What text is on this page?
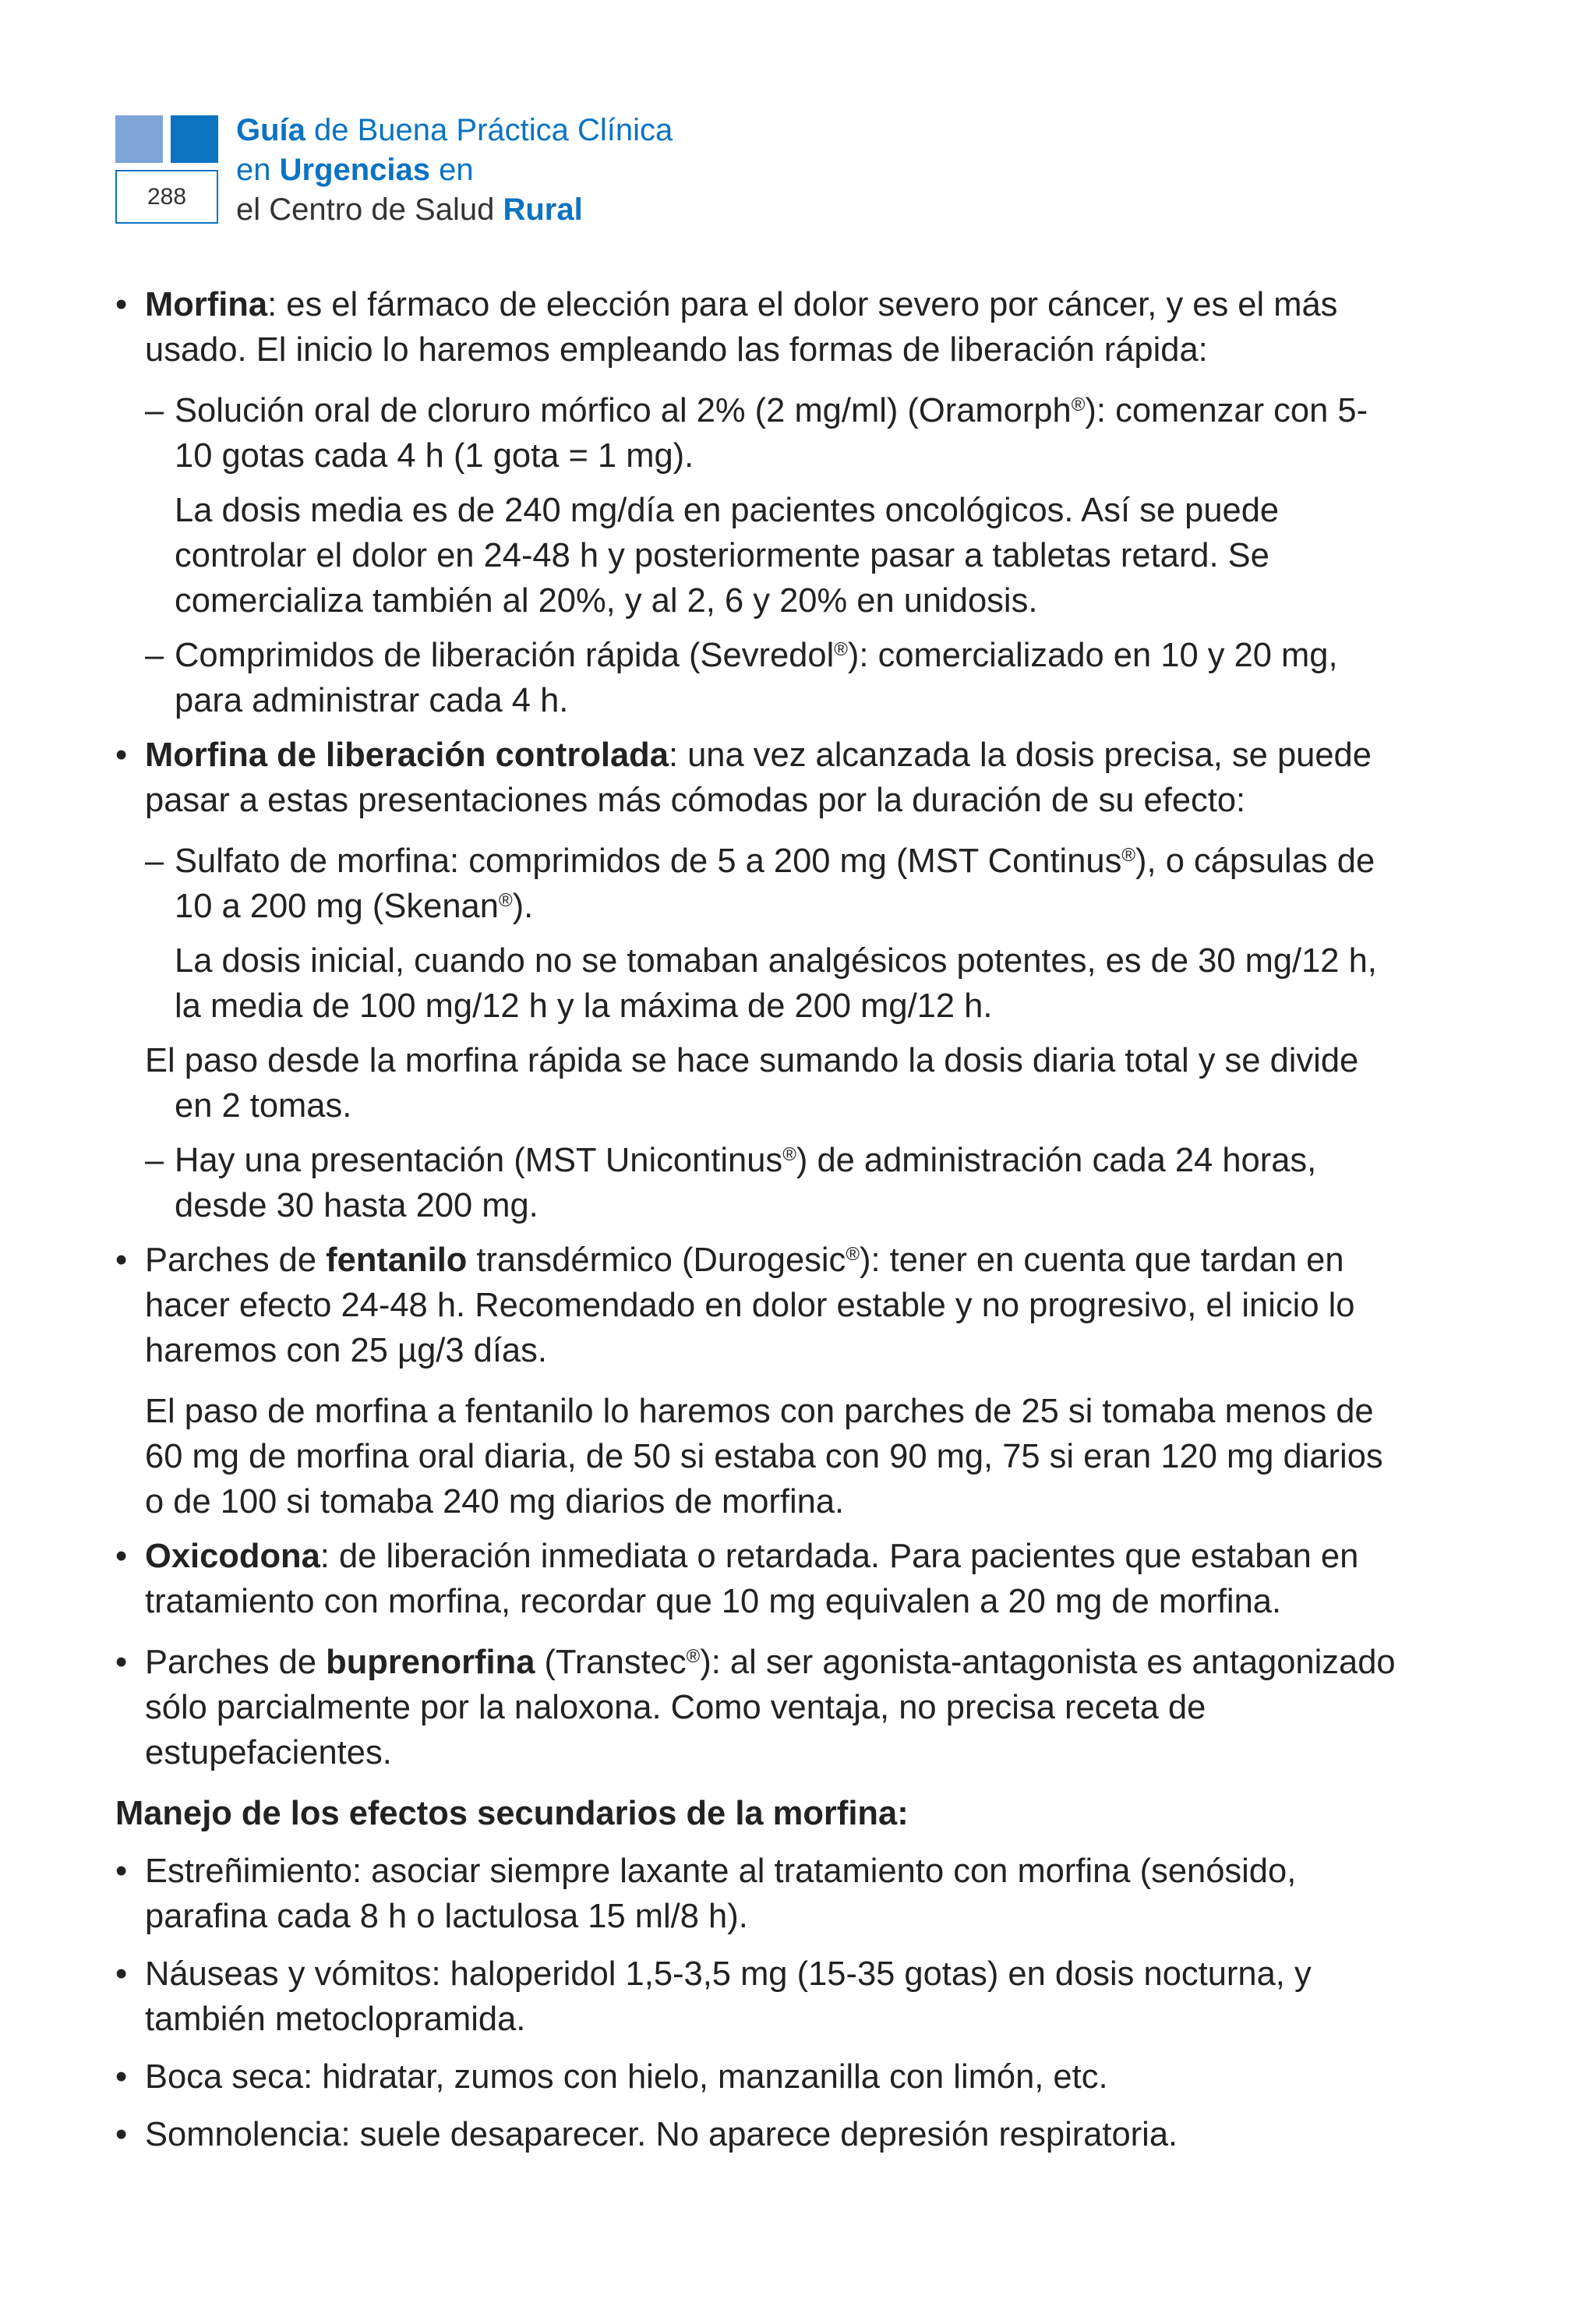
288
Guía de Buena Práctica Clínica
en Urgencias en
el Centro de Salud Rural

• Morfina: es el fármaco de elección para el dolor severo por cáncer, y es el más usado. El inicio lo haremos empleando las formas de liberación rápida:

– Solución oral de cloruro mórfico al 2% (2 mg/ml) (Oramorph®): comenzar con 5-10 gotas cada 4 h (1 gota = 1 mg).

La dosis media es de 240 mg/día en pacientes oncológicos. Así se puede controlar el dolor en 24-48 h y posteriormente pasar a tabletas retard. Se comercializa también al 20%, y al 2, 6 y 20% en unidosis.

– Comprimidos de liberación rápida (Sevredol®): comercializado en 10 y 20 mg, para administrar cada 4 h.

• Morfina de liberación controlada: una vez alcanzada la dosis precisa, se puede pasar a estas presentaciones más cómodas por la duración de su efecto:

– Sulfato de morfina: comprimidos de 5 a 200 mg (MST Continus®), o cápsulas de 10 a 200 mg (Skenan®).

La dosis inicial, cuando no se tomaban analgésicos potentes, es de 30 mg/12 h, la media de 100 mg/12 h y la máxima de 200 mg/12 h.

El paso desde la morfina rápida se hace sumando la dosis diaria total y se divide en 2 tomas.

– Hay una presentación (MST Unicontinus®) de administración cada 24 horas, desde 30 hasta 200 mg.

• Parches de fentanilo transdérmico (Durogesic®): tener en cuenta que tardan en hacer efecto 24-48 h. Recomendado en dolor estable y no progresivo, el inicio lo haremos con 25 µg/3 días.

El paso de morfina a fentanilo lo haremos con parches de 25 si tomaba menos de 60 mg de morfina oral diaria, de 50 si estaba con 90 mg, 75 si eran 120 mg diarios o de 100 si tomaba 240 mg diarios de morfina.

• Oxicodona: de liberación inmediata o retardada. Para pacientes que estaban en tratamiento con morfina, recordar que 10 mg equivalen a 20 mg de morfina.

• Parches de buprenorfina (Transtec®): al ser agonista-antagonista es antagonizado sólo parcialmente por la naloxona. Como ventaja, no precisa receta de estupefacientes.

Manejo de los efectos secundarios de la morfina:

• Estreñimiento: asociar siempre laxante al tratamiento con morfina (senósido, parafina cada 8 h o lactulosa 15 ml/8 h).

• Náuseas y vómitos: haloperidol 1,5-3,5 mg (15-35 gotas) en dosis nocturna, y también metoclopramida.

• Boca seca: hidratar, zumos con hielo, manzanilla con limón, etc.

• Somnolencia: suele desaparecer. No aparece depresión respiratoria.
